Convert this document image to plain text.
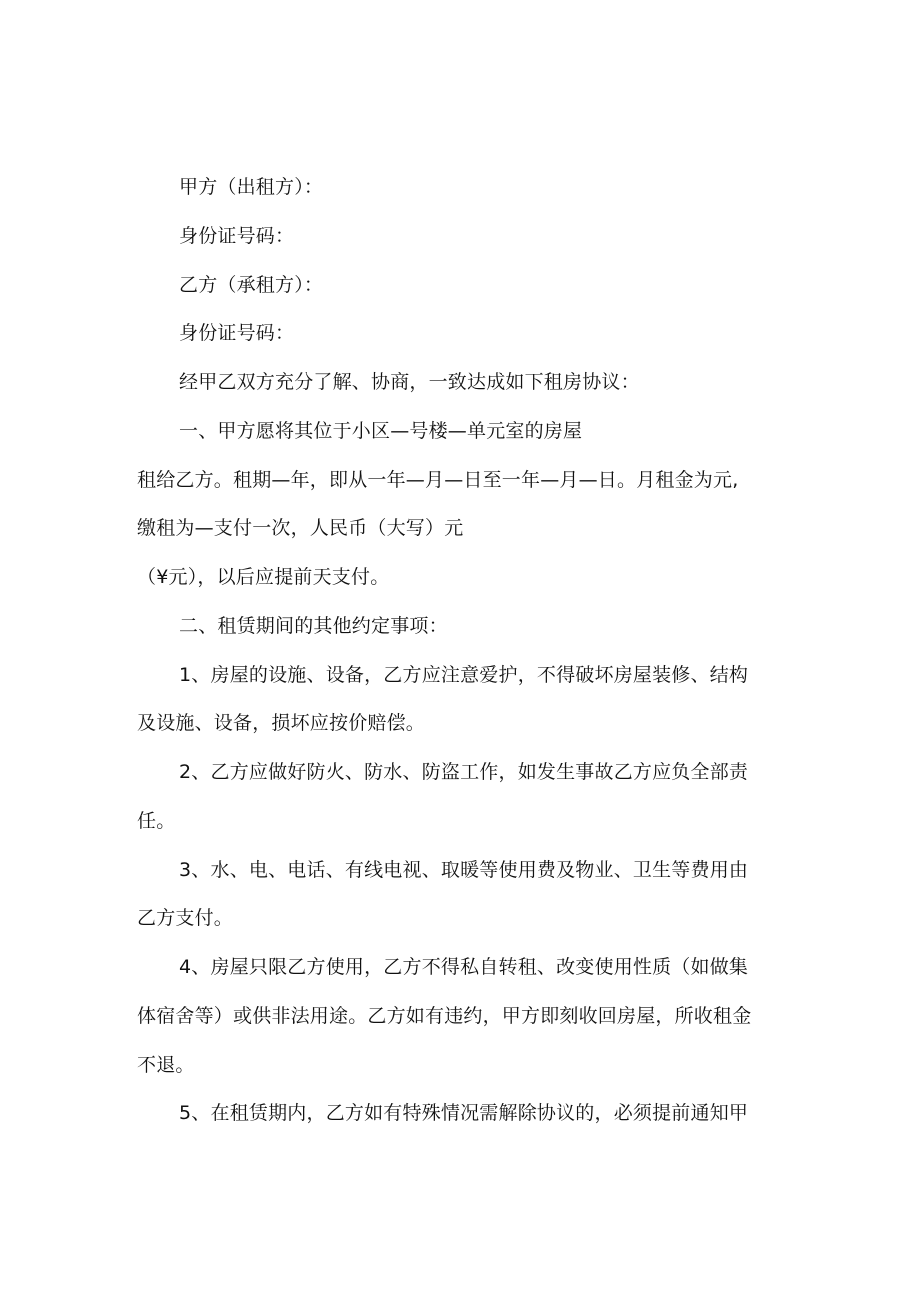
甲方（出租方）：
身份证号码：
乙方（承租方）：
身份证号码：
经甲乙双方充分了解、协商，一致达成如下租房协议：
一、甲方愿将其位于小区—号楼—单元室的房屋
租给乙方。租期—年，即从一年—月—日至一年—月—日。月租金为元,
缴租为—支付一次，人民币（大写）元
（¥元），以后应提前天支付。
二、租赁期间的其他约定事项：
1、房屋的设施、设备，乙方应注意爱护，不得破坏房屋装修、结构
及设施、设备，损坏应按价赔偿。
2、乙方应做好防火、防水、防盗工作，如发生事故乙方应负全部责
任。
3、水、电、电话、有线电视、取暖等使用费及物业、卫生等费用由
乙方支付。
4、房屋只限乙方使用，乙方不得私自转租、改变使用性质（如做集
体宿舍等）或供非法用途。乙方如有违约，甲方即刻收回房屋，所收租金
不退。
5、在租赁期内，乙方如有特殊情况需解除协议的，必须提前通知甲
